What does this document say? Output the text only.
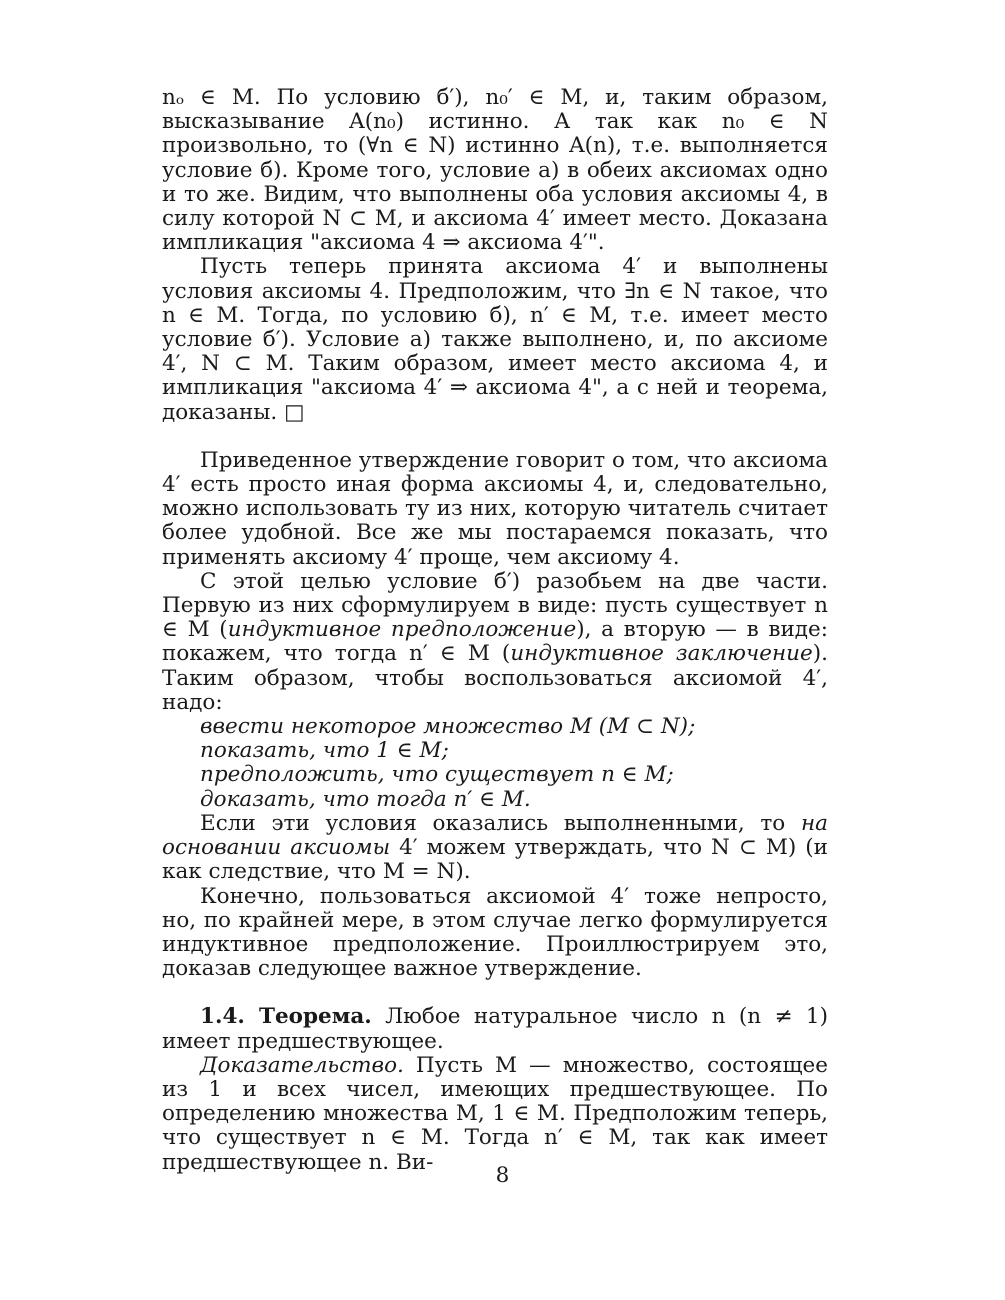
nₒ ∈ M. По условию б′), n₀′ ∈ M, и, таким образом, высказывание A(n₀) истинно. А так как n₀ ∈ N произвольно, то (∀n ∈ N) истинно A(n), т.е. выполняется условие б). Кроме того, условие а) в обеих аксиомах одно и то же. Видим, что выполнены оба условия аксиомы 4, в силу которой N ⊂ M, и аксиома 4′ имеет место. Доказана импликация "аксиома 4 ⇒ аксиома 4′".

Пусть теперь принята аксиома 4′ и выполнены условия аксиомы 4. Предположим, что ∃n ∈ N такое, что n ∈ M. Тогда, по условию б), n′ ∈ M, т.е. имеет место условие б′). Условие а) также выполнено, и, по аксиоме 4′, N ⊂ M. Таким образом, имеет место аксиома 4, и импликация "аксиома 4′ ⇒ аксиома 4", а с ней и теорема, доказаны. □

Приведенное утверждение говорит о том, что аксиома 4′ есть просто иная форма аксиомы 4, и, следовательно, можно использовать ту из них, которую читатель считает более удобной. Все же мы постараемся показать, что применять аксиому 4′ проще, чем аксиому 4.

С этой целью условие б′) разобьем на две части. Первую из них сформулируем в виде: пусть существует n ∈ M (индуктивное предположение), а вторую — в виде: покажем, что тогда n′ ∈ M (индуктивное заключение). Таким образом, чтобы воспользоваться аксиомой 4′, надо:

ввести некоторое множество M (M ⊂ N);

показать, что 1 ∈ M;

предположить, что существует n ∈ M;

доказать, что тогда n′ ∈ M.

Если эти условия оказались выполненными, то на основании аксиомы 4′ можем утверждать, что N ⊂ M) (и как следствие, что M = N).

Конечно, пользоваться аксиомой 4′ тоже непросто, но, по крайней мере, в этом случае легко формулируется индуктивное предположение. Проиллюстрируем это, доказав следующее важное утверждение.

1.4. Теорема. Любое натуральное число n (n ≠ 1) имеет предшествующее.

Доказательство. Пусть M — множество, состоящее из 1 и всех чисел, имеющих предшествующее. По определению множества M, 1 ∈ M. Предположим теперь, что существует n ∈ M. Тогда n′ ∈ M, так как имеет предшествующее n. Ви-

8
